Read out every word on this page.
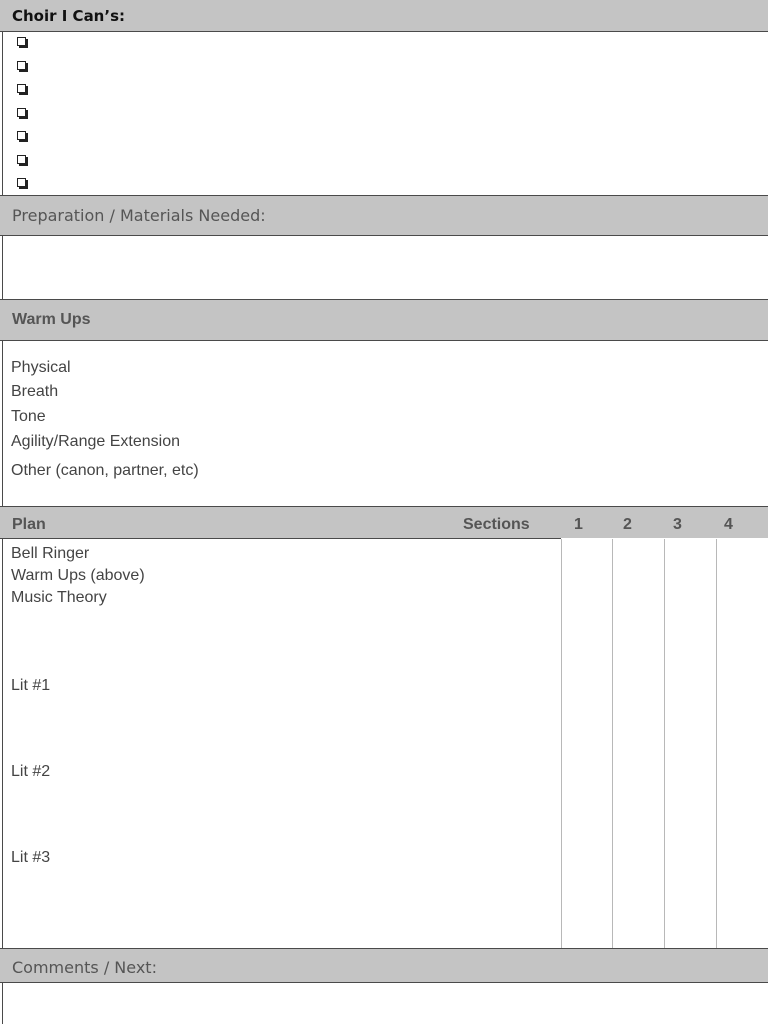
Choir I Can’s:
Preparation / Materials Needed:
Warm Ups
Physical
Breath
Tone
Agility/Range Extension
Other (canon, partner, etc)
Plan	Sections	1	2	3	4
Bell Ringer
Warm Ups (above)
Music Theory
Lit #1
Lit #2
Lit #3
Comments / Next:
